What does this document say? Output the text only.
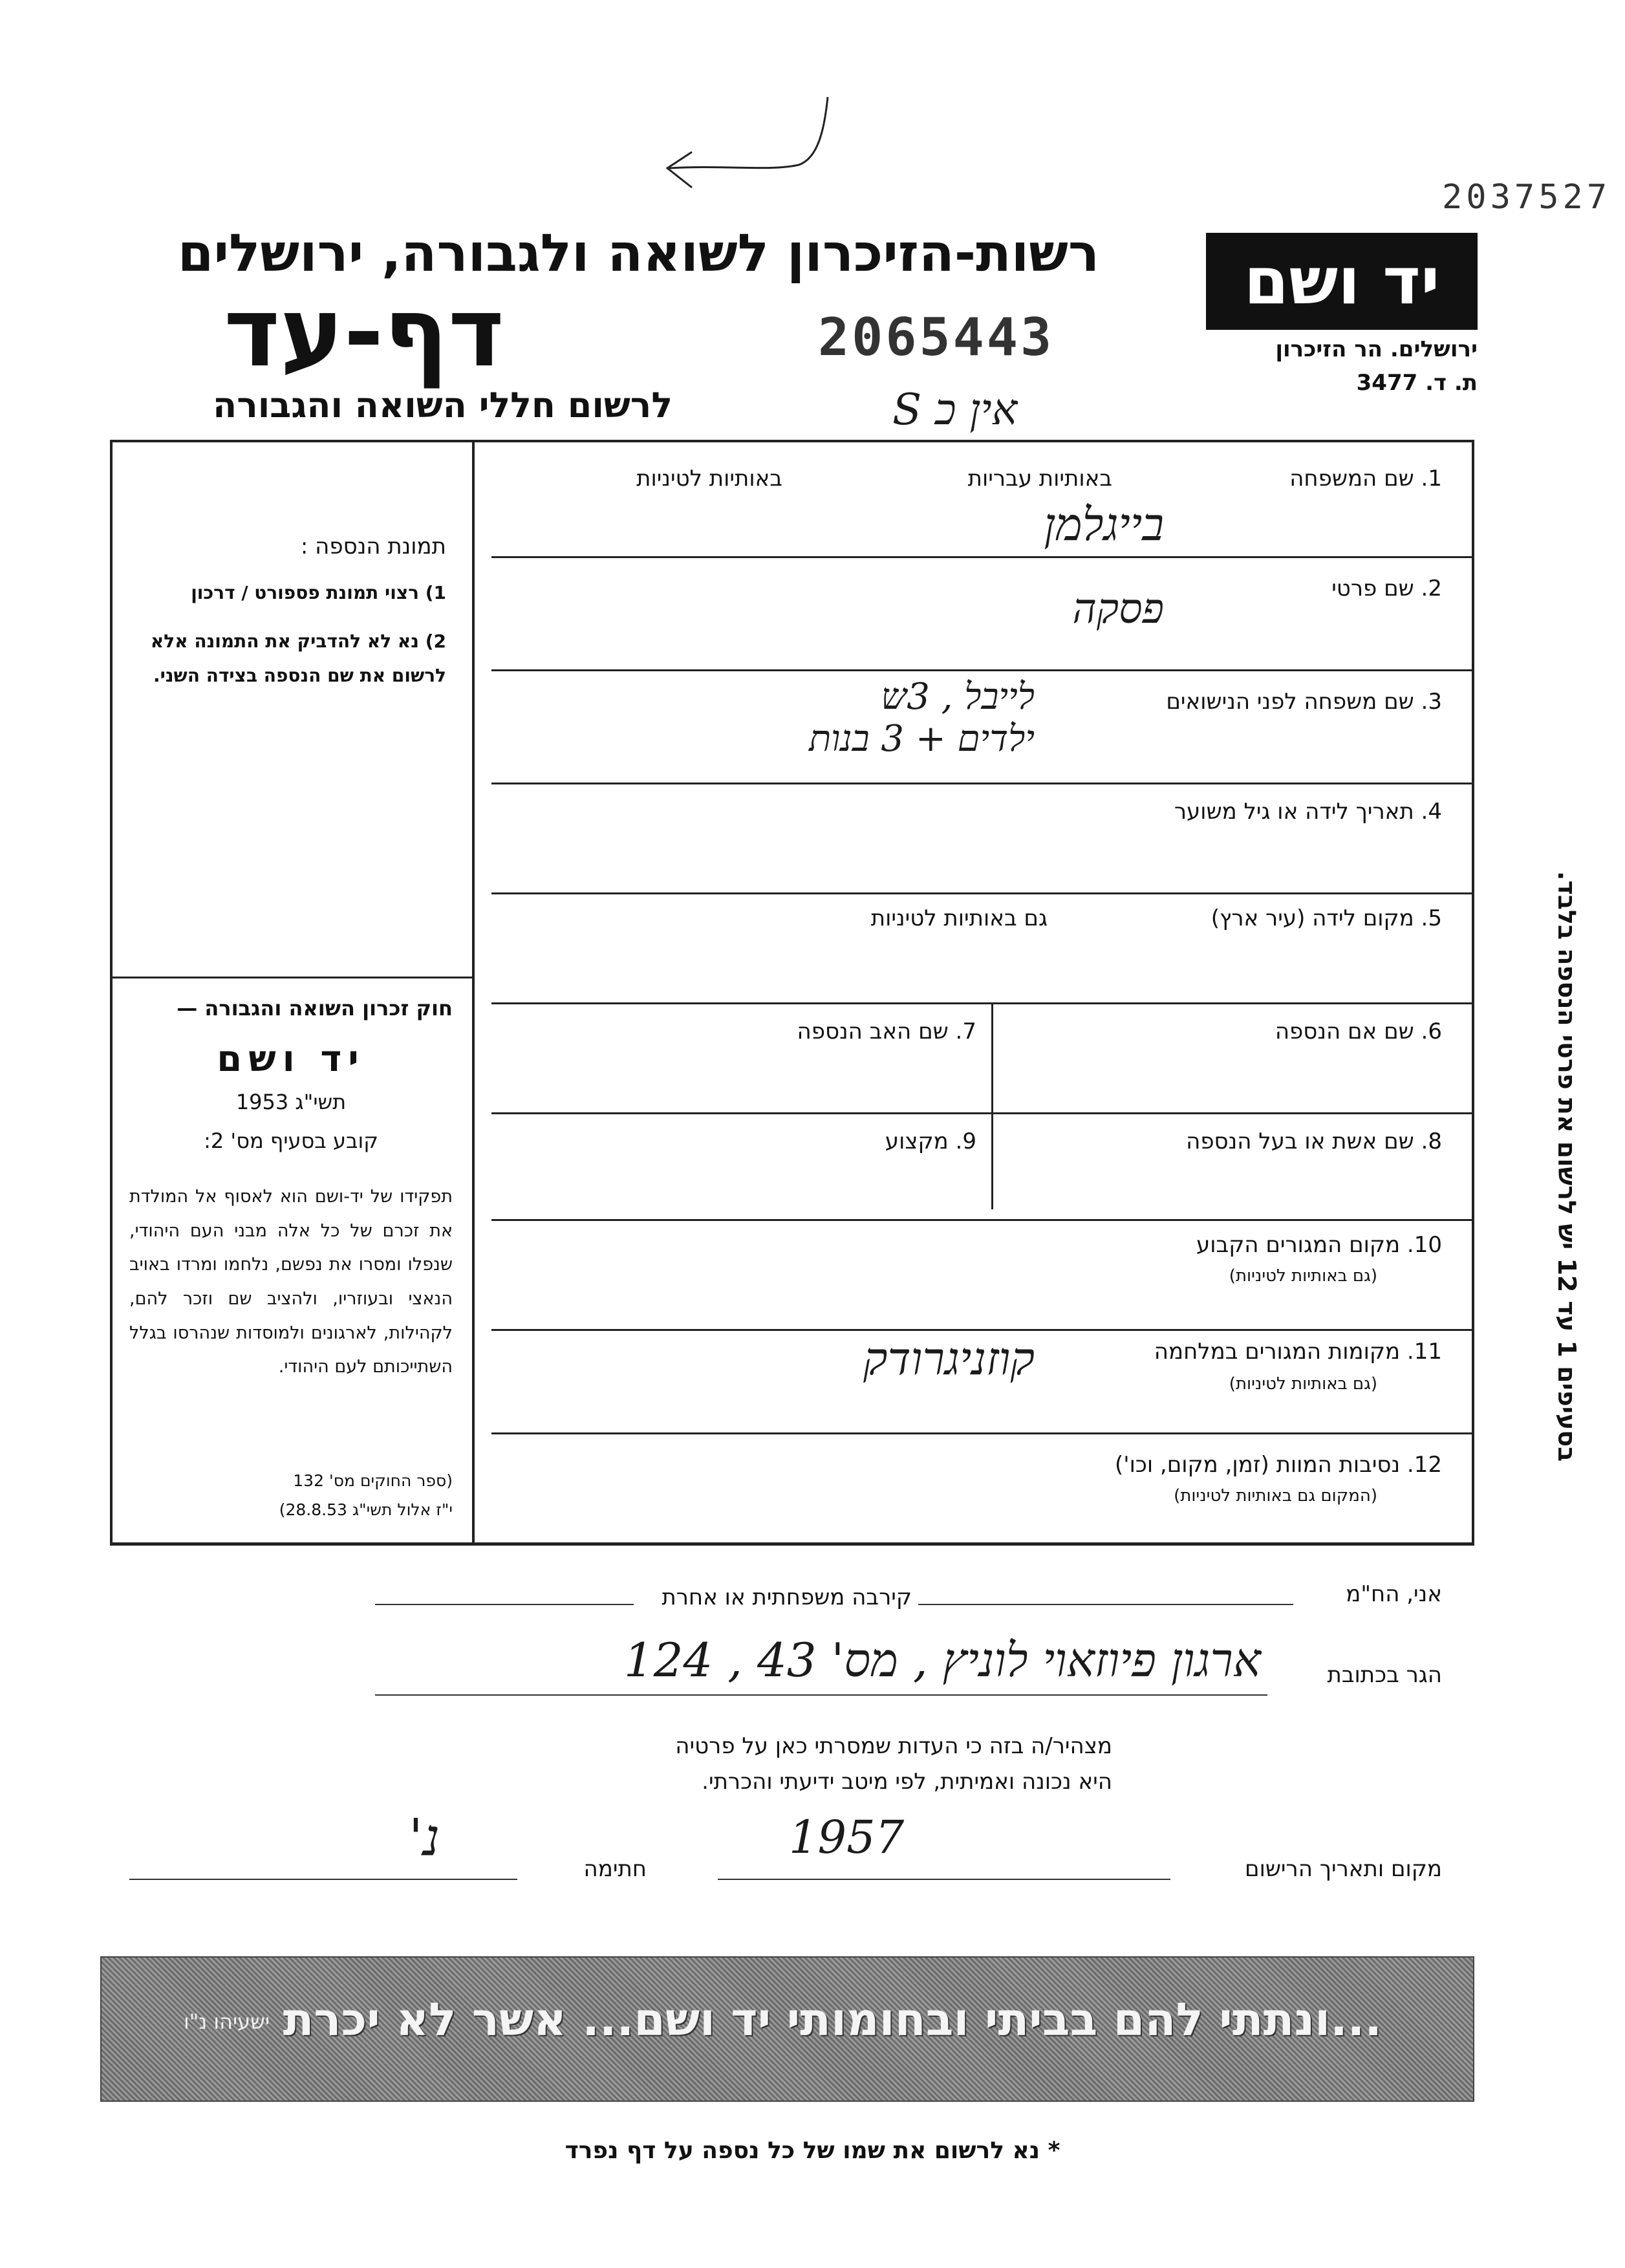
2037527
2065443
אין כ S
רשות-הזיכרון לשואה ולגבורה, ירושלים
דף-עד
לרשום חללי השואה והגבורה
יד ושם
ירושלים. הר הזיכרון
ת. ד. 3477
1. שם המשפחה
באותיות עבריות
באותיות לטיניות
בייגלמן
2. שם פרטי
פסקה
3. שם משפחה לפני הנישואים
לייבל , 3ש
ילדים + 3 בנות
4. תאריך לידה או גיל משוער
5. מקום לידה (עיר ארץ)
גם באותיות לטיניות
6. שם אם הנספה
7. שם האב הנספה
8. שם אשת או בעל הנספה
9. מקצוע
10. מקום המגורים הקבוע
(גם באותיות לטיניות)
11. מקומות המגורים במלחמה
(גם באותיות לטיניות)
קוזניגרודק
12. נסיבות המוות (זמן, מקום, וכו')
(המקום גם באותיות לטיניות)
תמונת הנספה :
1) רצוי תמונת פספורט / דרכון
2) נא לא להדביק את התמונה אלא לרשום את שם הנספה בצידה השני.
חוק זכרון השואה והגבורה —
יד ושם
תשי"ג 1953
קובע בסעיף מס' 2:
תפקידו של יד-ושם הוא לאסוף אל המולדת את זכרם של כל אלה מבני העם היהודי, שנפלו ומסרו את נפשם, נלחמו ומרדו באויב הנאצי ובעוזריו, ולהציב שם וזכר להם, לקהילות, לארגונים ולמוסדות שנהרסו בגלל השתייכותם לעם היהודי.
(ספר החוקים מס' 132
י"ז אלול תשי"ג 28.8.53)
בסעיפים 1 עד 12 יש לרשום את פרטי הנספה בלבד.
אני, הח"מ
קירבה משפחתית או אחרת
הגר בכתובת
ארגון פיוזאוי לוניץ , מס' 43 , 124
מצהיר/ה בזה כי העדות שמסרתי כאן על פרטיה
היא נכונה ואמיתית, לפי מיטב ידיעתי והכרתי.
מקום ותאריך הרישום
1957
חתימה
נ'
...ונתתי להם בביתי ובחומותי יד ושם... אשר לא יכרת
ישעיהו נ"ו
* נא לרשום את שמו של כל נספה על דף נפרד
